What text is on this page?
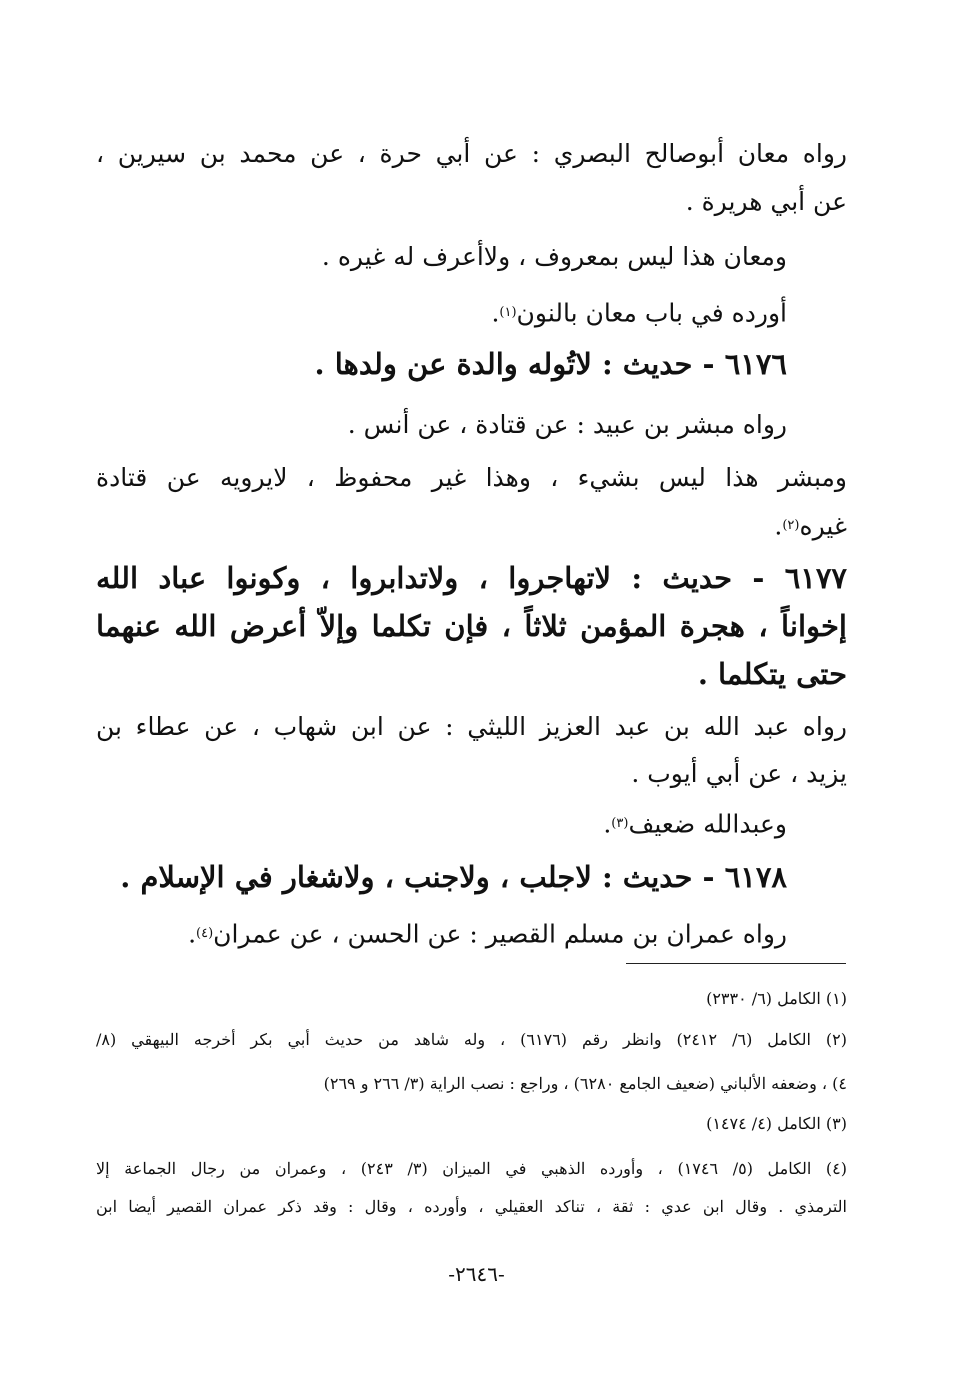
رواه معان أبوصالح البصري : عن أبي حرة ، عن محمد بن سيرين ،
عن أبي هريرة .
ومعان هذا ليس بمعروف ، ولاأعرف له غيره .
أورده في باب معان بالنون$^{(١)}$.
٦١٧٦ - حديث : لاتُوله والدة عن ولدها .
رواه مبشر بن عبيد : عن قتادة ، عن أنس .
ومبشر هذا ليس بشيء ، وهذا غير محفوظ ، لايرويه عن قتادة
غيره$^{(٢)}$.
٦١٧٧ - حديث : لاتهاجروا ، ولاتدابروا ، وكونوا عباد الله
إخواناً ، هجرة المؤمن ثلاثاً ، فإن تكلما وإلاّ أعرض الله عنهما
حتى يتكلما .
رواه عبد الله بن عبد العزيز الليثي : عن ابن شهاب ، عن عطاء بن
يزيد ، عن أبي أيوب .
وعبدالله ضعيف$^{(٣)}$.
٦١٧٨ - حديث : لاجلب ، ولاجنب ، ولاشغار في الإسلام .
رواه عمران بن مسلم القصير : عن الحسن ، عن عمران$^{(٤)}$.
(١) الكامل (٦/ ٢٣٣٠)
(٢) الكامل (٦/ ٢٤١٢) وانظر رقم (٦١٧٦) ، وله شاهد من حديث أبي بكر أخرجه البيهقي (٨/
٤) ، وضعفه الألباني (ضعيف الجامع ٦٢٨٠) ، وراجع : نصب الراية (٣/ ٢٦٦ و ٢٦٩)
(٣) الكامل (٤/ ١٤٧٤)
(٤) الكامل (٥/ ١٧٤٦) ، وأورده الذهبي في الميزان (٣/ ٢٤٣) ، وعمران من رجال الجماعة إلا
الترمذي . وقال ابن عدي : ثقة ، تناكد العقيلي ، وأورده ، وقال : وقد ذكر عمران القصير أيضا ابن
-٢٦٤٦-
